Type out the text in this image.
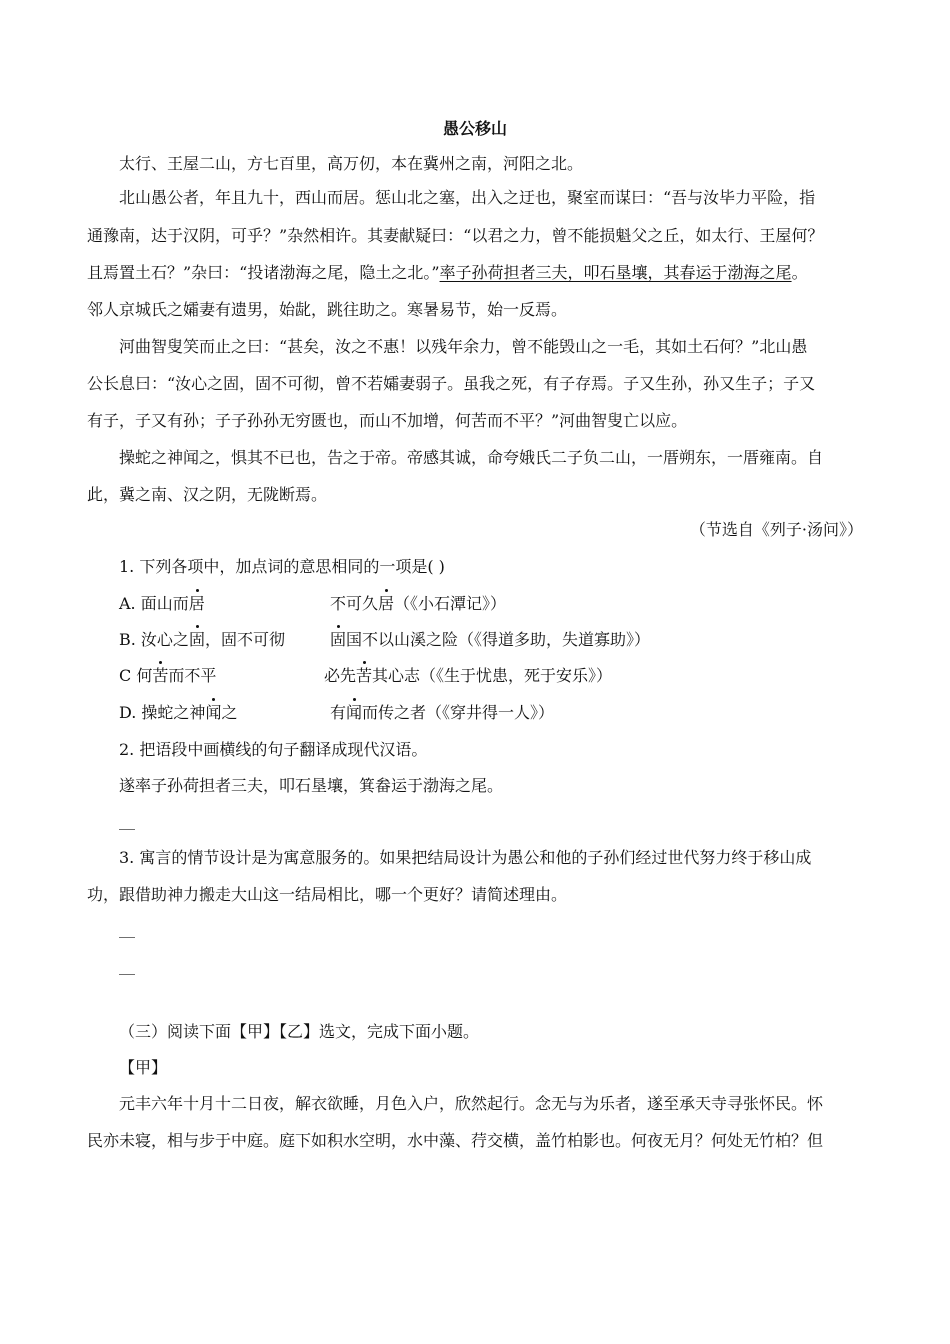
愚公移山
太行、王屋二山，方七百里，高万仞，本在冀州之南，河阳之北。
北山愚公者，年且九十，西山而居。惩山北之塞，出入之迂也，聚室而谋曰：“吾与汝毕力平险，指
通豫南，达于汉阴，可乎？”杂然相许。其妻献疑曰：“以君之力，曾不能损魁父之丘，如太行、王屋何？
且焉置土石？”杂曰：“投诸渤海之尾，隐土之北。”率子孙荷担者三夫，叩石垦壤，其春运于渤海之尾。
邻人京城氏之孀妻有遗男，始龀，跳往助之。寒暑易节，始一反焉。
河曲智叟笑而止之曰：“甚矣，汝之不惠！以残年余力，曾不能毁山之一毛，其如土石何？”北山愚
公长息曰：“汝心之固，固不可彻，曾不若孀妻弱子。虽我之死，有子存焉。子又生孙，孙又生子；子又
有子，子又有孙；子子孙孙无穷匮也，而山不加增，何苦而不平？”河曲智叟亡以应。
操蛇之神闻之，惧其不已也，告之于帝。帝感其诚，命夸娥氏二子负二山，一厝朔东，一厝雍南。自
此，冀之南、汉之阴，无陇断焉。
（节选自《列子·汤问》）
1. 下列各项中，加点词的意思相同的一项是( )
A. 面山而居	不可久居（《小石潭记》）
B. 汝心之固，固不可彻	固国不以山溪之险（《得道多助，失道寡助》）
C 何苦而不平	必先苦其心志（《生于忧患，死于安乐》）
D. 操蛇之神闻之	有闻而传之者（《穿井得一人》）
2. 把语段中画横线的句子翻译成现代汉语。
遂率子孙荷担者三夫，叩石垦壤，箕畚运于渤海之尾。
__
3. 寓言的情节设计是为寓意服务的。如果把结局设计为愚公和他的子孙们经过世代努力终于移山成
功，跟借助神力搬走大山这一结局相比，哪一个更好？请简述理由。
__
__
（三）阅读下面【甲】【乙】选文，完成下面小题。
【甲】
元丰六年十月十二日夜，解衣欲睡，月色入户，欣然起行。念无与为乐者，遂至承天寺寻张怀民。怀
民亦未寝，相与步于中庭。庭下如积水空明，水中藻、荇交横，盖竹柏影也。何夜无月？何处无竹柏？但
